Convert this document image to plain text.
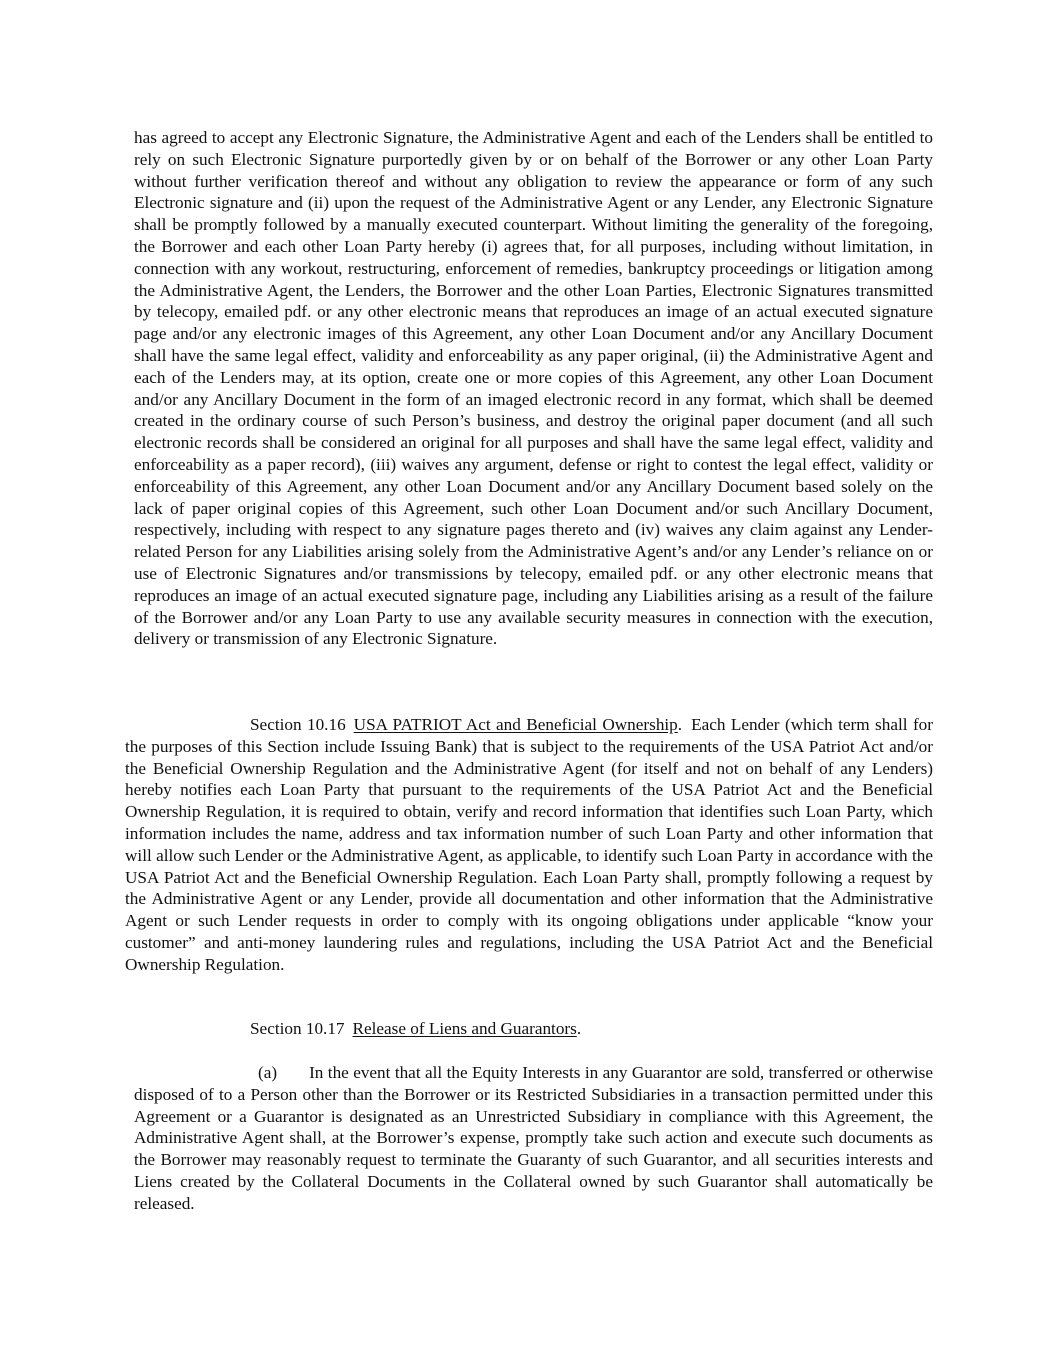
has agreed to accept any Electronic Signature, the Administrative Agent and each of the Lenders shall be entitled to rely on such Electronic Signature purportedly given by or on behalf of the Borrower or any other Loan Party without further verification thereof and without any obligation to review the appearance or form of any such Electronic signature and (ii) upon the request of the Administrative Agent or any Lender, any Electronic Signature shall be promptly followed by a manually executed counterpart. Without limiting the generality of the foregoing, the Borrower and each other Loan Party hereby (i) agrees that, for all purposes, including without limitation, in connection with any workout, restructuring, enforcement of remedies, bankruptcy proceedings or litigation among the Administrative Agent, the Lenders, the Borrower and the other Loan Parties, Electronic Signatures transmitted by telecopy, emailed pdf. or any other electronic means that reproduces an image of an actual executed signature page and/or any electronic images of this Agreement, any other Loan Document and/or any Ancillary Document shall have the same legal effect, validity and enforceability as any paper original, (ii) the Administrative Agent and each of the Lenders may, at its option, create one or more copies of this Agreement, any other Loan Document and/or any Ancillary Document in the form of an imaged electronic record in any format, which shall be deemed created in the ordinary course of such Person’s business, and destroy the original paper document (and all such electronic records shall be considered an original for all purposes and shall have the same legal effect, validity and enforceability as a paper record), (iii) waives any argument, defense or right to contest the legal effect, validity or enforceability of this Agreement, any other Loan Document and/or any Ancillary Document based solely on the lack of paper original copies of this Agreement, such other Loan Document and/or such Ancillary Document, respectively, including with respect to any signature pages thereto and (iv) waives any claim against any Lender-related Person for any Liabilities arising solely from the Administrative Agent’s and/or any Lender’s reliance on or use of Electronic Signatures and/or transmissions by telecopy, emailed pdf. or any other electronic means that reproduces an image of an actual executed signature page, including any Liabilities arising as a result of the failure of the Borrower and/or any Loan Party to use any available security measures in connection with the execution, delivery or transmission of any Electronic Signature.

Section 10.16 USA PATRIOT Act and Beneficial Ownership. Each Lender (which term shall for the purposes of this Section include Issuing Bank) that is subject to the requirements of the USA Patriot Act and/or the Beneficial Ownership Regulation and the Administrative Agent (for itself and not on behalf of any Lenders) hereby notifies each Loan Party that pursuant to the requirements of the USA Patriot Act and the Beneficial Ownership Regulation, it is required to obtain, verify and record information that identifies such Loan Party, which information includes the name, address and tax information number of such Loan Party and other information that will allow such Lender or the Administrative Agent, as applicable, to identify such Loan Party in accordance with the USA Patriot Act and the Beneficial Ownership Regulation. Each Loan Party shall, promptly following a request by the Administrative Agent or any Lender, provide all documentation and other information that the Administrative Agent or such Lender requests in order to comply with its ongoing obligations under applicable “know your customer” and anti-money laundering rules and regulations, including the USA Patriot Act and the Beneficial Ownership Regulation.

Section 10.17 Release of Liens and Guarantors.

(a) In the event that all the Equity Interests in any Guarantor are sold, transferred or otherwise disposed of to a Person other than the Borrower or its Restricted Subsidiaries in a transaction permitted under this Agreement or a Guarantor is designated as an Unrestricted Subsidiary in compliance with this Agreement, the Administrative Agent shall, at the Borrower’s expense, promptly take such action and execute such documents as the Borrower may reasonably request to terminate the Guaranty of such Guarantor, and all securities interests and Liens created by the Collateral Documents in the Collateral owned by such Guarantor shall automatically be released.
